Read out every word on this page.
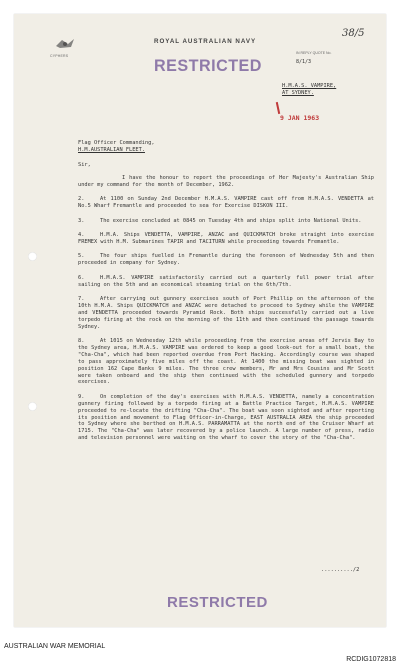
38/5
CYPHERS
ROYAL AUSTRALIAN NAVY
IN REPLY QUOTE No.
8/1/3
RESTRICTED
H.M.A.S. VAMPIRE,
AT SYDNEY.
9 JAN 1963
Flag Officer Commanding,
H.M.AUSTRALIAN FLEET.
Sir,

I have the honour to report the proceedings of Her Majesty's Australian Ship under my command for the month of December, 1962.

2.	At 1100 on Sunday 2nd December H.M.A.S. VAMPIRE cast off from H.M.A.S. VENDETTA at No.5 Wharf Fremantle and proceeded to sea for Exercise DISKON III.

3.	The exercise concluded at 0845 on Tuesday 4th and ships split into National Units.

4.	H.M.A. Ships VENDETTA, VAMPIRE, ANZAC and QUICKMATCH broke straight into exercise FREMEX with H.M. Submarines TAPIR and TACITURN while proceeding towards Fremantle.

5.	The four ships fuelled in Fremantle during the forenoon of Wednesday 5th and then proceeded in company for Sydney.

6.	H.M.A.S. VAMPIRE satisfactorily carried out a quarterly full power trial after sailing on the 5th and an economical steaming trial on the 6th/7th.

7.	After carrying out gunnery exercises south of Port Phillip on the afternoon of the 10th H.M.A. Ships QUICKMATCH and ANZAC were detached to proceed to Sydney while the VAMPIRE and VENDETTA proceeded towards Pyramid Rock. Both ships successfully carried out a live torpedo firing at the rock on the morning of the 11th and then continued the passage towards Sydney.

8.	At 1015 on Wednesday 12th while proceeding from the exercise areas off Jervis Bay to the Sydney area, H.M.A.S. VAMPIRE was ordered to keep a good look-out for a small boat, the "Cha-Cha", which had been reported overdue from Port Hacking. Accordingly course was shaped to pass approximately five miles off the coast. At 1400 the missing boat was sighted in position 162 Cape Banks 9 miles. The three crew members, Mr and Mrs Cousins and Mr Scott were taken onboard and the ship then continued with the scheduled gunnery and torpedo exercises.

9.	On completion of the day's exercises with H.M.A.S. VENDETTA, namely a concentration gunnery firing followed by a torpedo firing at a Battle Practice Target, H.M.A.S. VAMPIRE proceeded to re-locate the drifting "Cha-Cha". The boat was soon sighted and after reporting its position and movement to Flag Officer-in-Charge, EAST AUSTRALIA AREA the ship proceeded to Sydney where she berthed on H.M.A.S. PARRAMATTA at the north end of the Cruiser Wharf at 1715. The "Cha-Cha" was later recovered by a police launch. A large number of press, radio and television personnel were waiting on the wharf to cover the story of the "Cha-Cha".

........../2
RESTRICTED
AUSTRALIAN WAR MEMORIAL
RCDIG1072818
